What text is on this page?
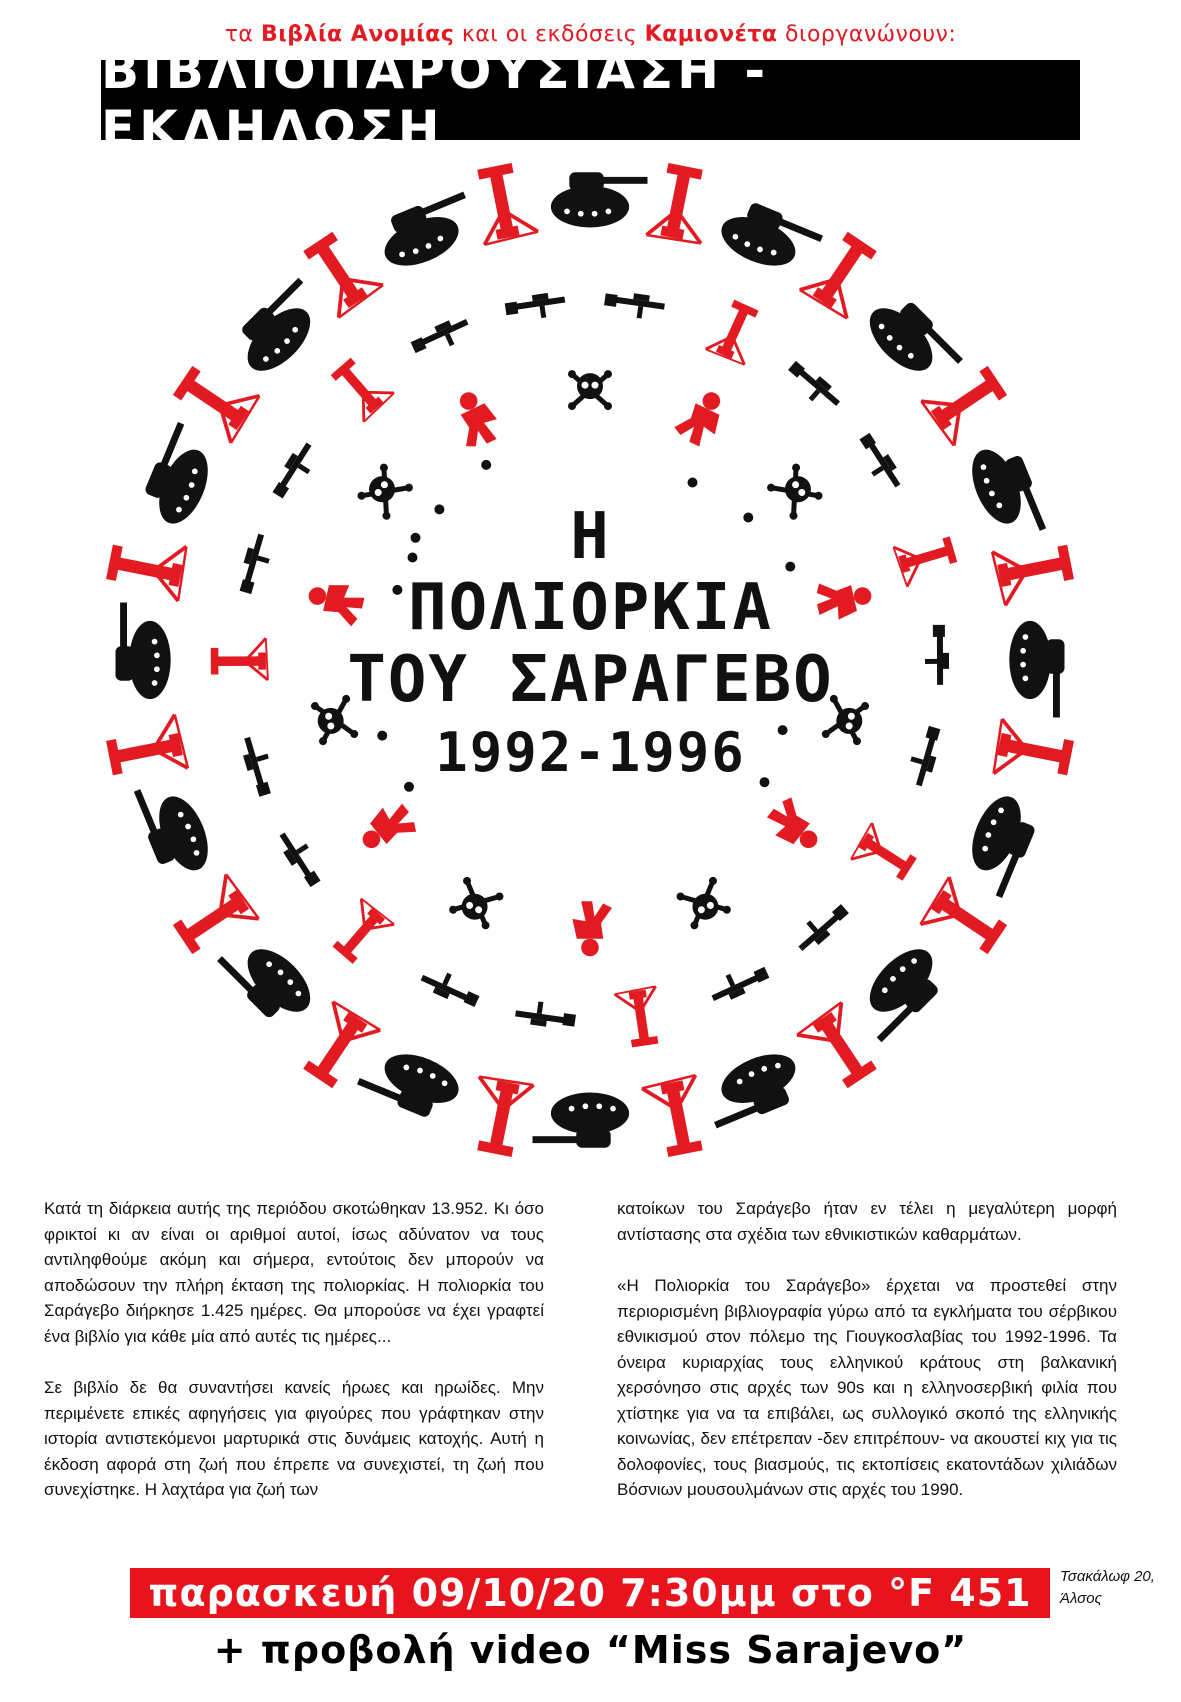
τα Βιβλία Ανομίας και οι εκδόσεις Καμιονέτα διοργανώνουν:
ΒΙΒΛΙΟΠΑΡΟΥΣΙΑΣΗ - ΕΚΔΗΛΩΣΗ
Η
ΠΟΛΙΟΡΚΙΑ
ΤΟΥ ΣΑΡΑΓΕΒΟ
1992-1996

Κατά τη διάρκεια αυτής της περιόδου σκοτώθηκαν 13.952. Κι όσο φρικτοί κι αν είναι οι αριθμοί αυτοί, ίσως αδύνατον να τους αντιληφθούμε ακόμη και σήμερα, εντούτοις δεν μπορούν να αποδώσουν την πλήρη έκταση της πολιορκίας. Η πολιορκία του Σαράγεβο διήρκησε 1.425 ημέρες. Θα μπορούσε να έχει γραφτεί ένα βιβλίο για κάθε μία από αυτές τις ημέρες...

Σε βιβλίο δε θα συναντήσει κανείς ήρωες και ηρωίδες. Μην περιμένετε επικές αφηγήσεις για φιγούρες που γράφτηκαν στην ιστορία αντιστεκόμενοι μαρτυρικά στις δυνάμεις κατοχής. Αυτή η έκδοση αφορά στη ζωή που έπρεπε να συνεχιστεί, τη ζωή που συνεχίστηκε. Η λαχτάρα για ζωή των

κατοίκων του Σαράγεβο ήταν εν τέλει η μεγαλύτερη μορφή αντίστασης στα σχέδια των εθνικιστικών καθαρμάτων.

«Η Πολιορκία του Σαράγεβο» έρχεται να προστεθεί στην περιορισμένη βιβλιογραφία γύρω από τα εγκλήματα του σέρβικου εθνικισμού στον πόλεμο της Γιουγκοσλαβίας του 1992-1996. Τα όνειρα κυριαρχίας τους ελληνικού κράτους στη βαλκανική χερσόνησο στις αρχές των 90s και η ελληνοσερβική φιλία που χτίστηκε για να τα επιβάλει, ως συλλογικό σκοπό της ελληνικής κοινωνίας, δεν επέτρεπαν -δεν επιτρέπουν- να ακουστεί κιχ για τις δολοφονίες, τους βιασμούς, τις εκτοπίσεις εκατοντάδων χιλιάδων Βόσνιων μουσουλμάνων στις αρχές του 1990.

παρασκευή 09/10/20 7:30μμ στο °F 451 Τσακάλωφ 20,
Άλσος
+ προβολή video “Miss Sarajevo”
